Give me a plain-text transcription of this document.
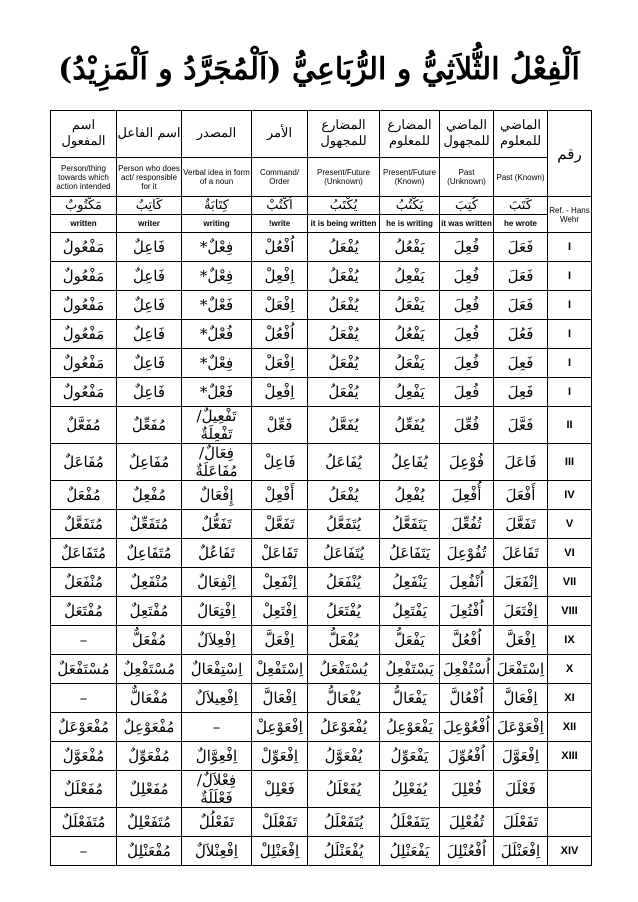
اَلْفِعْلُ الثُّلاَثِيُّ و الرُّبَاعِيُّ (اَلْمُجَرَّدُ و اَلْمَزِيْدُ)
رقم	الماضي للمعلوم	الماضي للمجهول	المضارع للمعلوم	المضارع للمجهول	الأمر	المصدر	اسم الفاعل	اسم المفعول
	Past (Known)	Past (Unknown)	Present/Future (Known)	Present/Future (Unknown)	Command/ Order	Verbal idea in form of a noun	Person who does act/ responsible for it	Person/thing towards which action intended
Ref. - Hans Wehr	كَتَبَ	كُتِبَ	يَكْتُبُ	يُكْتَبُ	اُكْتُبْ	كِتَابَةٌ	كَاتِبٌ	مَكْتُوبٌ
	he wrote	it was written	he is writing	it is being written	write!	writing	writer	written
I	فَعَلَ	فُعِلَ	يَفْعُلُ	يُفْعَلُ	اُفْعُلْ	فِعْلٌ*	فَاعِلٌ	مَفْعُولٌ
I	فَعَلَ	فُعِلَ	يَفْعِلُ	يُفْعَلُ	اِفْعِلْ	فِعْلٌ*	فَاعِلٌ	مَفْعُولٌ
I	فَعَلَ	فُعِلَ	يَفْعَلُ	يُفْعَلُ	اِفْعَلْ	فَعْلٌ*	فَاعِلٌ	مَفْعُولٌ
I	فَعُلَ	فُعِلَ	يَفْعُلُ	يُفْعَلُ	اُفْعُلْ	فُعْلٌ*	فَاعِلٌ	مَفْعُولٌ
I	فَعِلَ	فُعِلَ	يَفْعَلُ	يُفْعَلُ	اِفْعَلْ	فِعْلٌ*	فَاعِلٌ	مَفْعُولٌ
I	فَعِلَ	فُعِلَ	يَفْعِلُ	يُفْعَلُ	اِفْعِلْ	فَعْلٌ*	فَاعِلٌ	مَفْعُولٌ
II	فَعَّلَ	فُعِّلَ	يُفَعِّلُ	يُفَعَّلُ	فَعِّلْ	تَفْعِيلٌ/تَفْعِلَةٌ	مُفَعِّلٌ	مُفَعَّلٌ
III	فَاعَلَ	فُوْعِلَ	يُفَاعِلُ	يُفَاعَلُ	فَاعِلْ	فِعَالٌ/مُفَاعَلَةٌ	مُفَاعِلٌ	مُفَاعَلٌ
IV	أَفْعَلَ	أُفْعِلَ	يُفْعِلُ	يُفْعَلُ	أَفْعِلْ	إِفْعَالٌ	مُفْعِلٌ	مُفْعَلٌ
V	تَفَعَّلَ	تُفُعِّلَ	يَتَفَعَّلُ	يُتَفَعَّلُ	تَفَعَّلْ	تَفَعُّلٌ	مُتَفَعِّلٌ	مُتَفَعَّلٌ
VI	تَفَاعَلَ	تُفُوْعِلَ	يَتَفَاعَلُ	يُتَفَاعَلُ	تَفَاعَلْ	تَفَاعُلٌ	مُتَفَاعِلٌ	مُتَفَاعَلٌ
VII	اِنْفَعَلَ	اُنْفُعِلَ	يَنْفَعِلُ	يُنْفَعَلُ	اِنْفَعِلْ	اِنْفِعَالٌ	مُنْفَعِلٌ	مُنْفَعَلٌ
VIII	اِفْتَعَلَ	اُفْتُعِلَ	يَفْتَعِلُ	يُفْتَعَلُ	اِفْتَعِلْ	اِفْتِعَالٌ	مُفْتَعِلٌ	مُفْتَعَلٌ
IX	اِفْعَلَّ	اُفْعُلَّ	يَفْعَلُّ	يُفْعَلُّ	اِفْعَلَّ	اِفْعِلاَلٌ	مُفْعَلٌّ	–
X	اِسْتَفْعَلَ	اُسْتُفْعِلَ	يَسْتَفْعِلُ	يُسْتَفْعَلُ	اِسْتَفْعِلْ	اِسْتِفْعَالٌ	مُسْتَفْعِلٌ	مُسْتَفْعَلٌ
XI	اِفْعَالَّ	اُفْعُالَّ	يَفْعَالُّ	يُفْعَالُّ	اِفْعَالَّ	اِفْعِيلاَلٌ	مُفْعَالٌّ	–
XII	اِفْعَوْعَلَ	اُفْعُوْعِلَ	يَفْعَوْعِلُ	يُفْعَوْعَلُ	اِفْعَوْعِلْ	–	مُفْعَوْعِلٌ	مُفْعَوْعَلٌ
XIII	اِفْعَوَّلَ	اُفْعُوِّلَ	يَفْعَوِّلُ	يُفْعَوَّلُ	اِفْعَوِّلْ	اِفْعِوَّالٌ	مُفْعَوِّلٌ	مُفْعَوَّلٌ
	فَعْلَلَ	فُعْلِلَ	يُفَعْلِلُ	يُفَعْلَلُ	فَعْلِلْ	فِعْلاَلٌ/فَعْلَلَةٌ	مُفَعْلِلٌ	مُفَعْلَلٌ
	تَفَعْلَلَ	تُفُعْلِلَ	يَتَفَعْلَلُ	يُتَفَعْلَلُ	تَفَعْلَلْ	تَفَعْلُلٌ	مُتَفَعْلِلٌ	مُتَفَعْلَلٌ
XIV	اِفْعَنْلَلَ	اُفْعُنْلِلَ	يَفْعَنْلِلُ	يُفْعَنْلَلُ	اِفْعَنْلِلْ	اِفْعِنْلاَلٌ	مُفْعَنْلِلٌ	–
